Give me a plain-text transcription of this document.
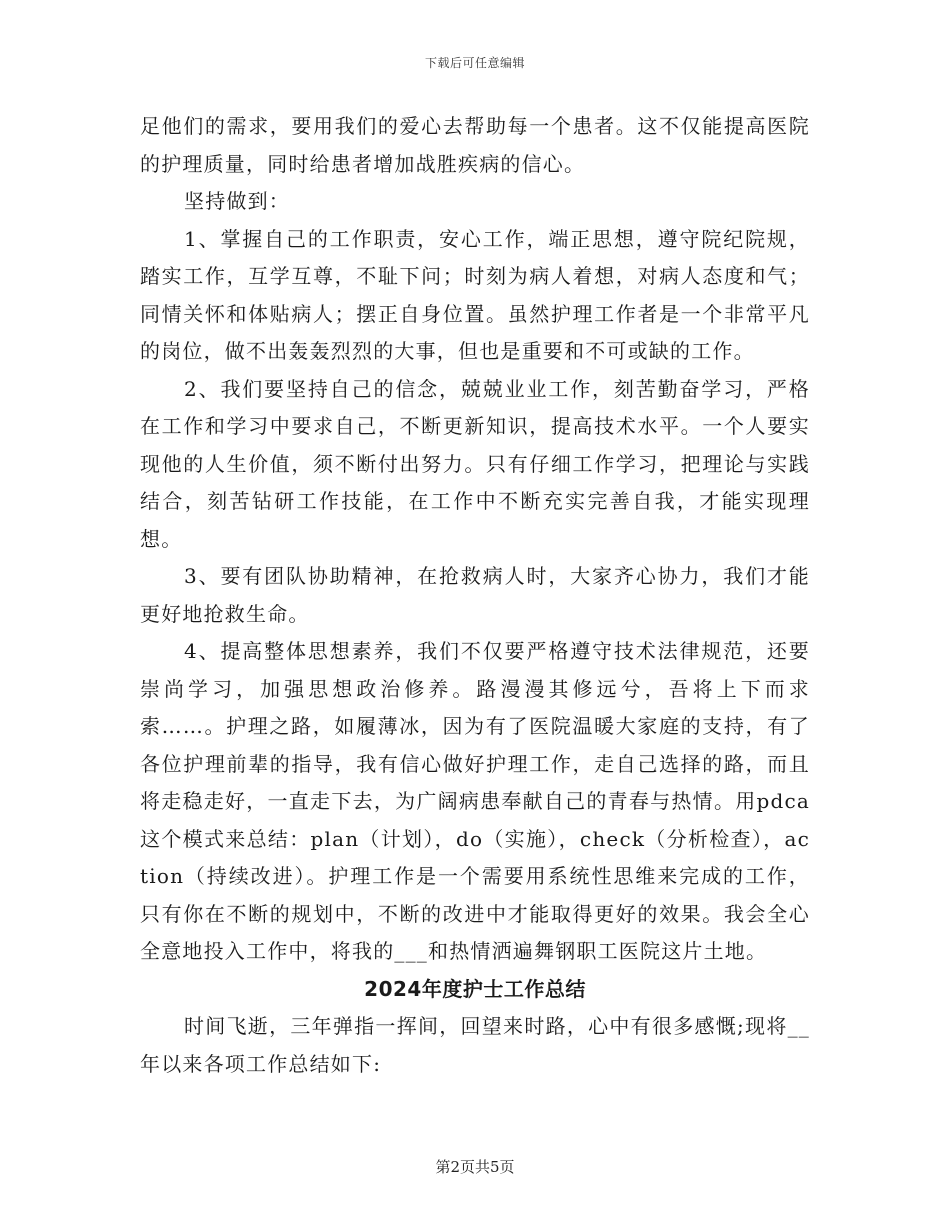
下载后可任意编辑

足他们的需求，要用我们的爱心去帮助每一个患者。这不仅能提高医院的护理质量，同时给患者增加战胜疾病的信心。

坚持做到：

1、掌握自己的工作职责，安心工作，端正思想，遵守院纪院规，踏实工作，互学互尊，不耻下问；时刻为病人着想，对病人态度和气；同情关怀和体贴病人；摆正自身位置。虽然护理工作者是一个非常平凡的岗位，做不出轰轰烈烈的大事，但也是重要和不可或缺的工作。

2、我们要坚持自己的信念，兢兢业业工作，刻苦勤奋学习，严格在工作和学习中要求自己，不断更新知识，提高技术水平。一个人要实现他的人生价值，须不断付出努力。只有仔细工作学习，把理论与实践结合，刻苦钻研工作技能，在工作中不断充实完善自我，才能实现理想。

3、要有团队协助精神，在抢救病人时，大家齐心协力，我们才能更好地抢救生命。

4、提高整体思想素养，我们不仅要严格遵守技术法律规范，还要崇尚学习，加强思想政治修养。路漫漫其修远兮，吾将上下而求索……。护理之路，如履薄冰，因为有了医院温暖大家庭的支持，有了各位护理前辈的指导，我有信心做好护理工作，走自己选择的路，而且将走稳走好，一直走下去，为广阔病患奉献自己的青春与热情。用pdca这个模式来总结：plan（计划），do（实施），check（分析检查），action（持续改进）。护理工作是一个需要用系统性思维来完成的工作，只有你在不断的规划中，不断的改进中才能取得更好的效果。我会全心全意地投入工作中，将我的___和热情洒遍舞钢职工医院这片土地。

2024年度护士工作总结

时间飞逝，三年弹指一挥间，回望来时路，心中有很多感慨;现将__年以来各项工作总结如下:

第2页共5页
